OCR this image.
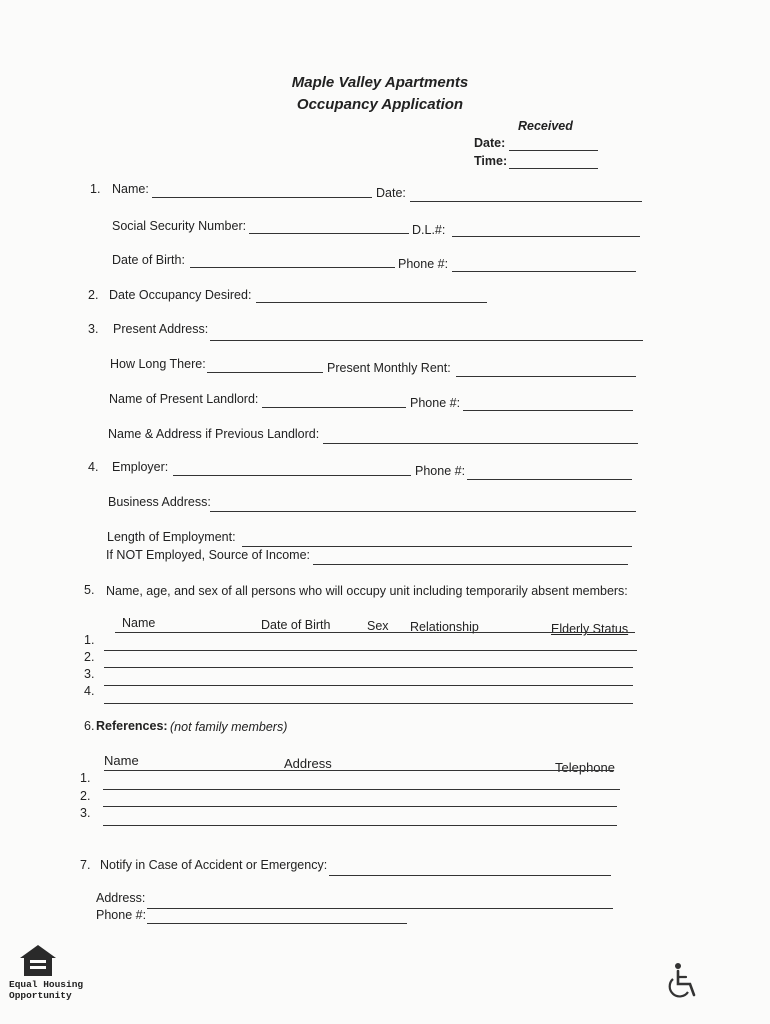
Maple Valley Apartments
Occupancy Application
Received
Date:
Time:
1. Name:	Date:
Social Security Number:	D.L.#:
Date of Birth:	Phone #:
2. Date Occupancy Desired:
3. Present Address:
How Long There:	Present Monthly Rent:
Name of Present Landlord:	Phone #:
Name & Address if Previous Landlord:
4. Employer:	Phone #:
Business Address:
Length of Employment:
If NOT Employed, Source of Income:
5. Name, age, and sex of all persons who will occupy unit including temporarily absent members:
Name	Date of Birth	Sex Relationship	Elderly Status
1.
2.
3.
4.
6. References: (not family members)
Name	Address	Telephone
1.
2.
3.
7. Notify in Case of Accident or Emergency:
Address:
Phone #:
Equal Housing
Opportunity
